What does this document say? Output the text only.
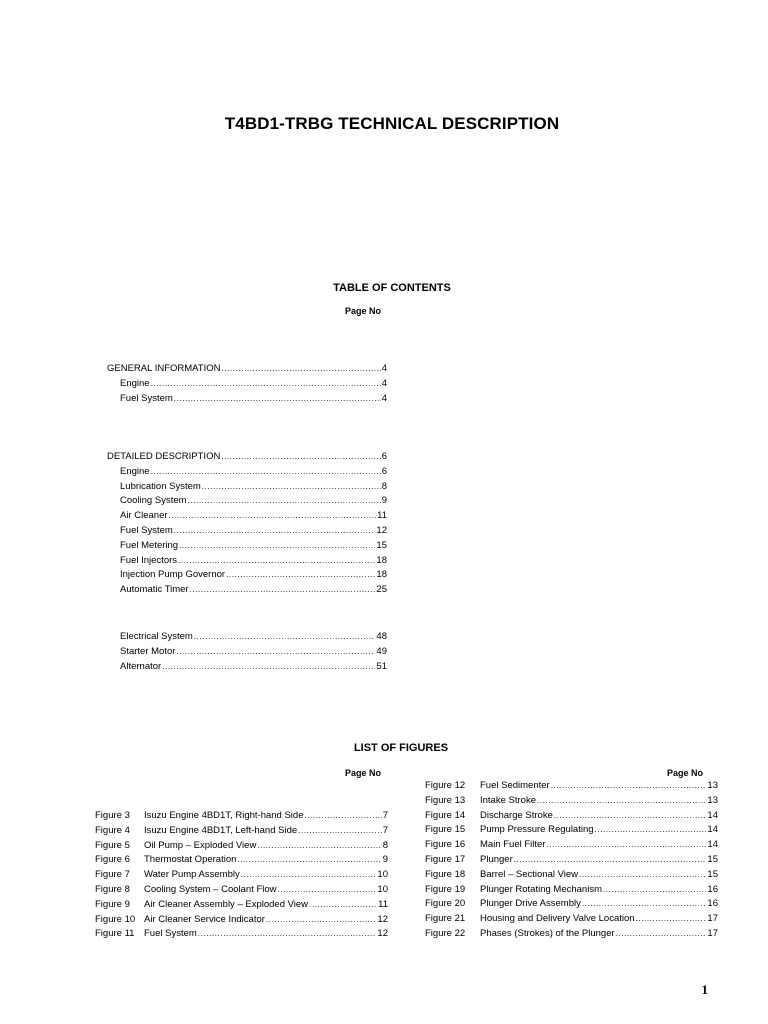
T4BD1-TRBG TECHNICAL DESCRIPTION
TABLE OF CONTENTS
Page No
GENERAL INFORMATION .....	4
Engine .....	4
Fuel System .....	4
DETAILED DESCRIPTION .....	6
Engine .....	6
Lubrication System .....	8
Cooling System .....	9
Air Cleaner .....	11
Fuel System .....	12
Fuel Metering .....	15
Fuel Injectors .....	18
Injection Pump Governor .....	18
Automatic Timer .....	25
Electrical System .....	48
Starter Motor .....	49
Alternator .....	51
LIST OF FIGURES
Page No	Page No
Figure 3	Isuzu Engine 4BD1T, Right-hand Side .....	7
Figure 4	Isuzu Engine 4BD1T, Left-hand Side .....	7
Figure 5	Oil Pump – Exploded View .....	8
Figure 6	Thermostat Operation .....	9
Figure 7	Water Pump Assembly .....	10
Figure 8	Cooling System – Coolant Flow .....	10
Figure 9	Air Cleaner Assembly – Exploded View .....	11
Figure 10 Air Cleaner Service Indicator .....	12
Figure 11	Fuel System .....	12
Figure 12	Fuel Sedimenter .....	13
Figure 13	Intake Stroke .....	13
Figure 14	Discharge Stroke .....	14
Figure 15	Pump Pressure Regulating .....	14
Figure 16	Main Fuel Filter .....	14
Figure 17	Plunger .....	15
Figure 18	Barrel – Sectional View .....	15
Figure 19	Plunger Rotating Mechanism .....	16
Figure 20	Plunger Drive Assembly .....	16
Figure 21	Housing and Delivery Valve Location .....	17
Figure 22	Phases (Strokes) of the Plunger .....	17
1
